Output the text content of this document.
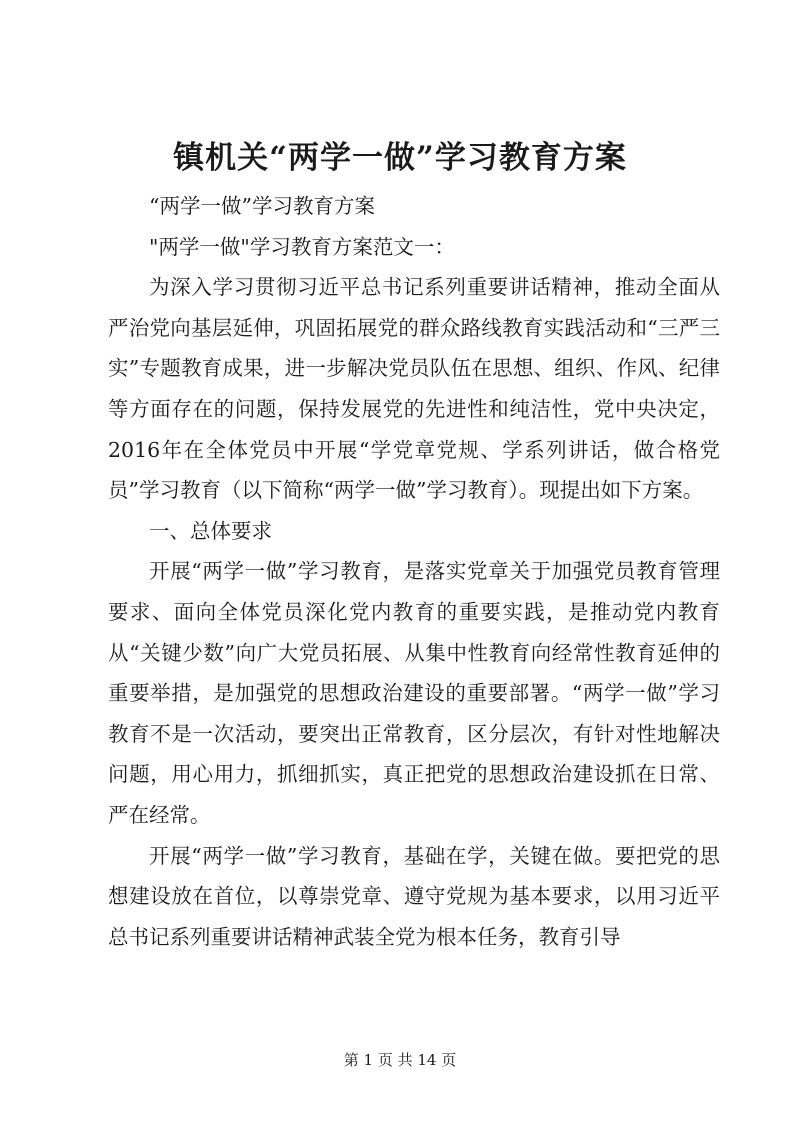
镇机关“两学一做”学习教育方案

“两学一做”学习教育方案

"两学一做"学习教育方案范文一：

为深入学习贯彻习近平总书记系列重要讲话精神，推动全面从严治党向基层延伸，巩固拓展党的群众路线教育实践活动和“三严三实”专题教育成果，进一步解决党员队伍在思想、组织、作风、纪律等方面存在的问题，保持发展党的先进性和纯洁性，党中央决定，2016年在全体党员中开展“学党章党规、学系列讲话，做合格党员”学习教育（以下简称“两学一做”学习教育）。现提出如下方案。

一、总体要求

开展“两学一做”学习教育，是落实党章关于加强党员教育管理要求、面向全体党员深化党内教育的重要实践，是推动党内教育从“关键少数”向广大党员拓展、从集中性教育向经常性教育延伸的重要举措，是加强党的思想政治建设的重要部署。“两学一做”学习教育不是一次活动，要突出正常教育，区分层次，有针对性地解决问题，用心用力，抓细抓实，真正把党的思想政治建设抓在日常、严在经常。

开展“两学一做”学习教育，基础在学，关键在做。要把党的思想建设放在首位，以尊崇党章、遵守党规为基本要求，以用习近平总书记系列重要讲话精神武装全党为根本任务，教育引导

第 1 页 共 14 页
